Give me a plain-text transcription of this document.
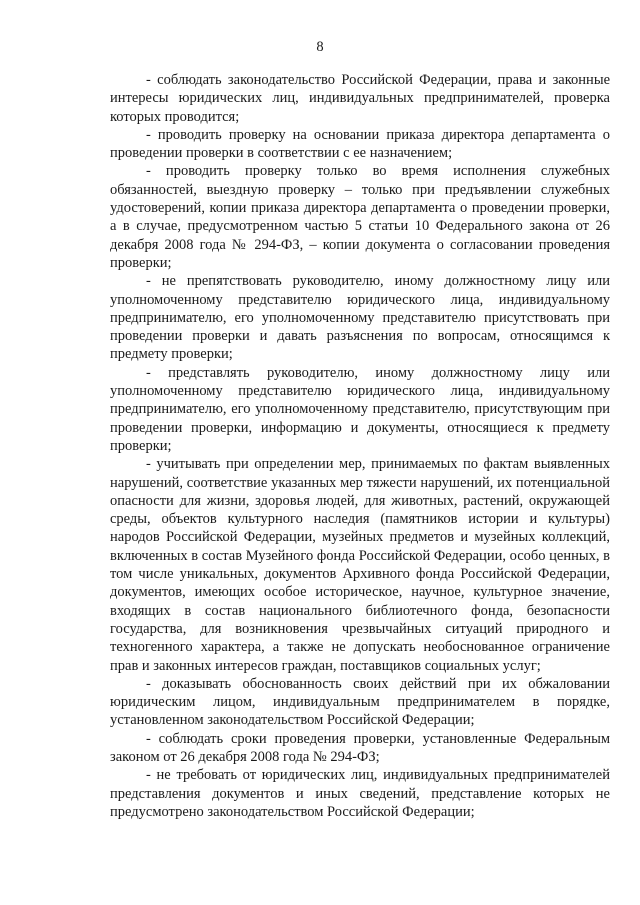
8

- соблюдать законодательство Российской Федерации, права и законные интересы юридических лиц, индивидуальных предпринимателей, проверка которых проводится;

- проводить проверку на основании приказа директора департамента о проведении проверки в соответствии с ее назначением;

- проводить проверку только во время исполнения служебных обязанностей, выездную проверку – только при предъявлении служебных удостоверений, копии приказа директора департамента о проведении проверки, а в случае, предусмотренном частью 5 статьи 10 Федерального закона от 26 декабря 2008 года № 294-ФЗ, – копии документа о согласовании проведения проверки;

- не препятствовать руководителю, иному должностному лицу или уполномоченному представителю юридического лица, индивидуальному предпринимателю, его уполномоченному представителю присутствовать при проведении проверки и давать разъяснения по вопросам, относящимся к предмету проверки;

- представлять руководителю, иному должностному лицу или уполномоченному представителю юридического лица, индивидуальному предпринимателю, его уполномоченному представителю, присутствующим при проведении проверки, информацию и документы, относящиеся к предмету проверки;

- учитывать при определении мер, принимаемых по фактам выявленных нарушений, соответствие указанных мер тяжести нарушений, их потенциальной опасности для жизни, здоровья людей, для животных, растений, окружающей среды, объектов культурного наследия (памятников истории и культуры) народов Российской Федерации, музейных предметов и музейных коллекций, включенных в состав Музейного фонда Российской Федерации, особо ценных, в том числе уникальных, документов Архивного фонда Российской Федерации, документов, имеющих особое историческое, научное, культурное значение, входящих в состав национального библиотечного фонда, безопасности государства, для возникновения чрезвычайных ситуаций природного и техногенного характера, а также не допускать необоснованное ограничение прав и законных интересов граждан, поставщиков социальных услуг;

- доказывать обоснованность своих действий при их обжаловании юридическим лицом, индивидуальным предпринимателем в порядке, установленном законодательством Российской Федерации;

- соблюдать сроки проведения проверки, установленные Федеральным законом от 26 декабря 2008 года № 294-ФЗ;

- не требовать от юридических лиц, индивидуальных предпринимателей представления документов и иных сведений, представление которых не предусмотрено законодательством Российской Федерации;
